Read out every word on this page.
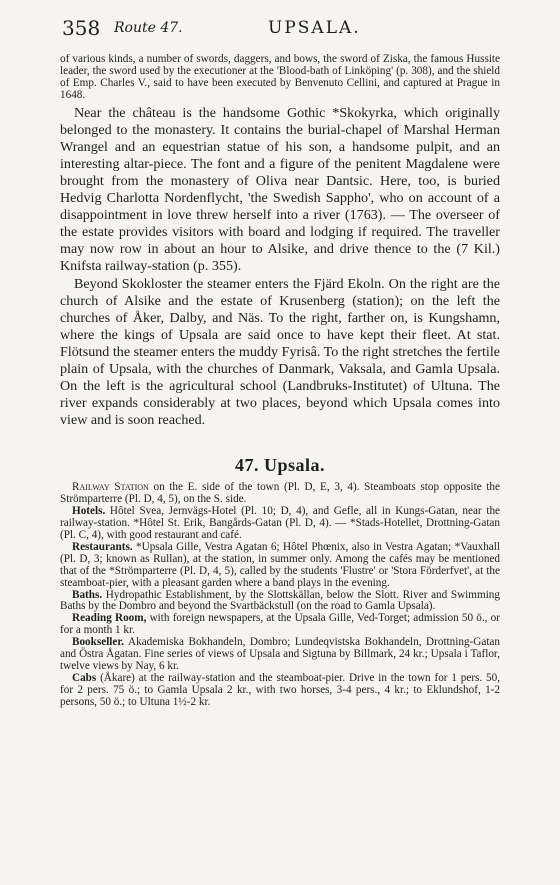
358 Route 47.	UPSALA.

of various kinds, a number of swords, daggers, and bows, the sword of Ziska, the famous Hussite leader, the sword used by the executioner at the 'Blood-bath of Linköping' (p. 308), and the shield of Emp. Charles V., said to have been executed by Benvenuto Cellini, and captured at Prague in 1648.

Near the château is the handsome Gothic *Skokyrka, which originally belonged to the monastery. It contains the burial-chapel of Marshal Herman Wrangel and an equestrian statue of his son, a handsome pulpit, and an interesting altar-piece. The font and a figure of the penitent Magdalene were brought from the monastery of Oliva near Dantsic. Here, too, is buried Hedvig Charlotta Nordenflycht, 'the Swedish Sappho', who on account of a disappointment in love threw herself into a river (1763). — The overseer of the estate provides visitors with board and lodging if required. The traveller may now row in about an hour to Alsike, and drive thence to the (7 Kil.) Knifsta railway-station (p. 355).

Beyond Skokloster the steamer enters the Fjärd Ekoln. On the right are the church of Alsike and the estate of Krusenberg (station); on the left the churches of Åker, Dalby, and Näs. To the right, farther on, is Kungshamn, where the kings of Upsala are said once to have kept their fleet. At stat. Flötsund the steamer enters the muddy Fyrisâ. To the right stretches the fertile plain of Upsala, with the churches of Danmark, Vaksala, and Gamla Upsala. On the left is the agricultural school (Landbruks-Institutet) of Ultuna. The river expands considerably at two places, beyond which Upsala comes into view and is soon reached.

47. Upsala.

Railway Station on the E. side of the town (Pl. D, E, 3, 4). Steamboats stop opposite the Strömparterre (Pl. D, 4, 5), on the S. side.

Hotels. Hôtel Svea, Jernvägs-Hotel (Pl. 10; D, 4), and Gefle, all in Kungs-Gatan, near the railway-station. *Hôtel St. Erik, Bangårds-Gatan (Pl. D, 4). — *Stads-Hotellet, Drottning-Gatan (Pl. C, 4), with good restaurant and café.

Restaurants. *Upsala Gille, Vestra Agatan 6; Hôtel Phœnix, also in Vestra Agatan; *Vauxhall (Pl. D, 3; known as Rullan), at the station, in summer only. Among the cafés may be mentioned that of the *Strömparterre (Pl. D, 4, 5), called by the students 'Flustre' or 'Stora Förderfvet', at the steamboat-pier, with a pleasant garden where a band plays in the evening.

Baths. Hydropathic Establishment, by the Slottskällan, below the Slott. River and Swimming Baths by the Dombro and beyond the Svartbäckstull (on the road to Gamla Upsala).

Reading Room, with foreign newspapers, at the Upsala Gille, Ved-Torget; admission 50 ö., or for a month 1 kr.

Bookseller. Akademiska Bokhandeln, Dombro; Lundeqvistska Bokhandeln, Drottning-Gatan and Östra Ågatan. Fine series of views of Upsala and Sigtuna by Billmark, 24 kr.; Upsala i Taflor, twelve views by Nay, 6 kr.

Cabs (Åkare) at the railway-station and the steamboat-pier. Drive in the town for 1 pers. 50, for 2 pers. 75 ö.; to Gamla Upsala 2 kr., with two horses, 3-4 pers., 4 kr.; to Eklundshof, 1-2 persons, 50 ö.; to Ultuna 1½-2 kr.
